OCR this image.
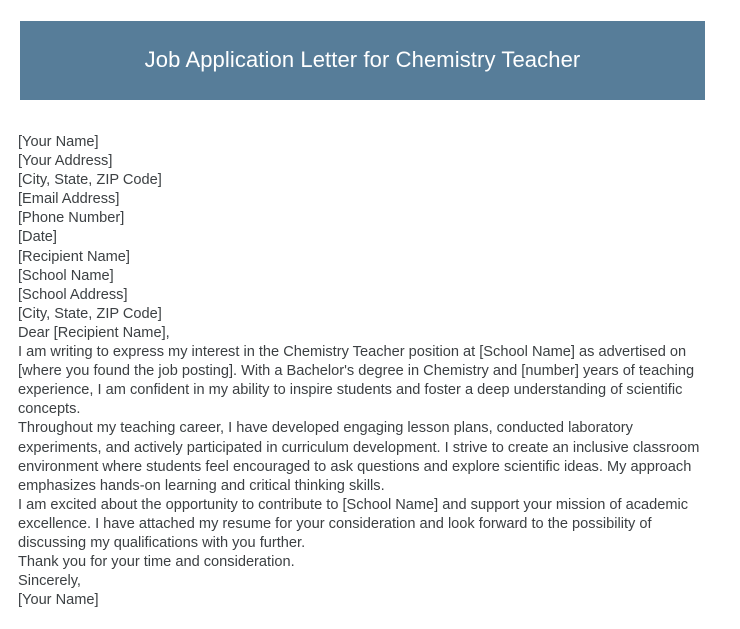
Job Application Letter for Chemistry Teacher
[Your Name]
[Your Address]
[City, State, ZIP Code]
[Email Address]
[Phone Number]
[Date]
[Recipient Name]
[School Name]
[School Address]
[City, State, ZIP Code]
Dear [Recipient Name],
I am writing to express my interest in the Chemistry Teacher position at [School Name] as advertised on [where you found the job posting]. With a Bachelor's degree in Chemistry and [number] years of teaching experience, I am confident in my ability to inspire students and foster a deep understanding of scientific concepts.
Throughout my teaching career, I have developed engaging lesson plans, conducted laboratory experiments, and actively participated in curriculum development. I strive to create an inclusive classroom environment where students feel encouraged to ask questions and explore scientific ideas. My approach emphasizes hands-on learning and critical thinking skills.
I am excited about the opportunity to contribute to [School Name] and support your mission of academic excellence. I have attached my resume for your consideration and look forward to the possibility of discussing my qualifications with you further.
Thank you for your time and consideration.
Sincerely,
[Your Name]
